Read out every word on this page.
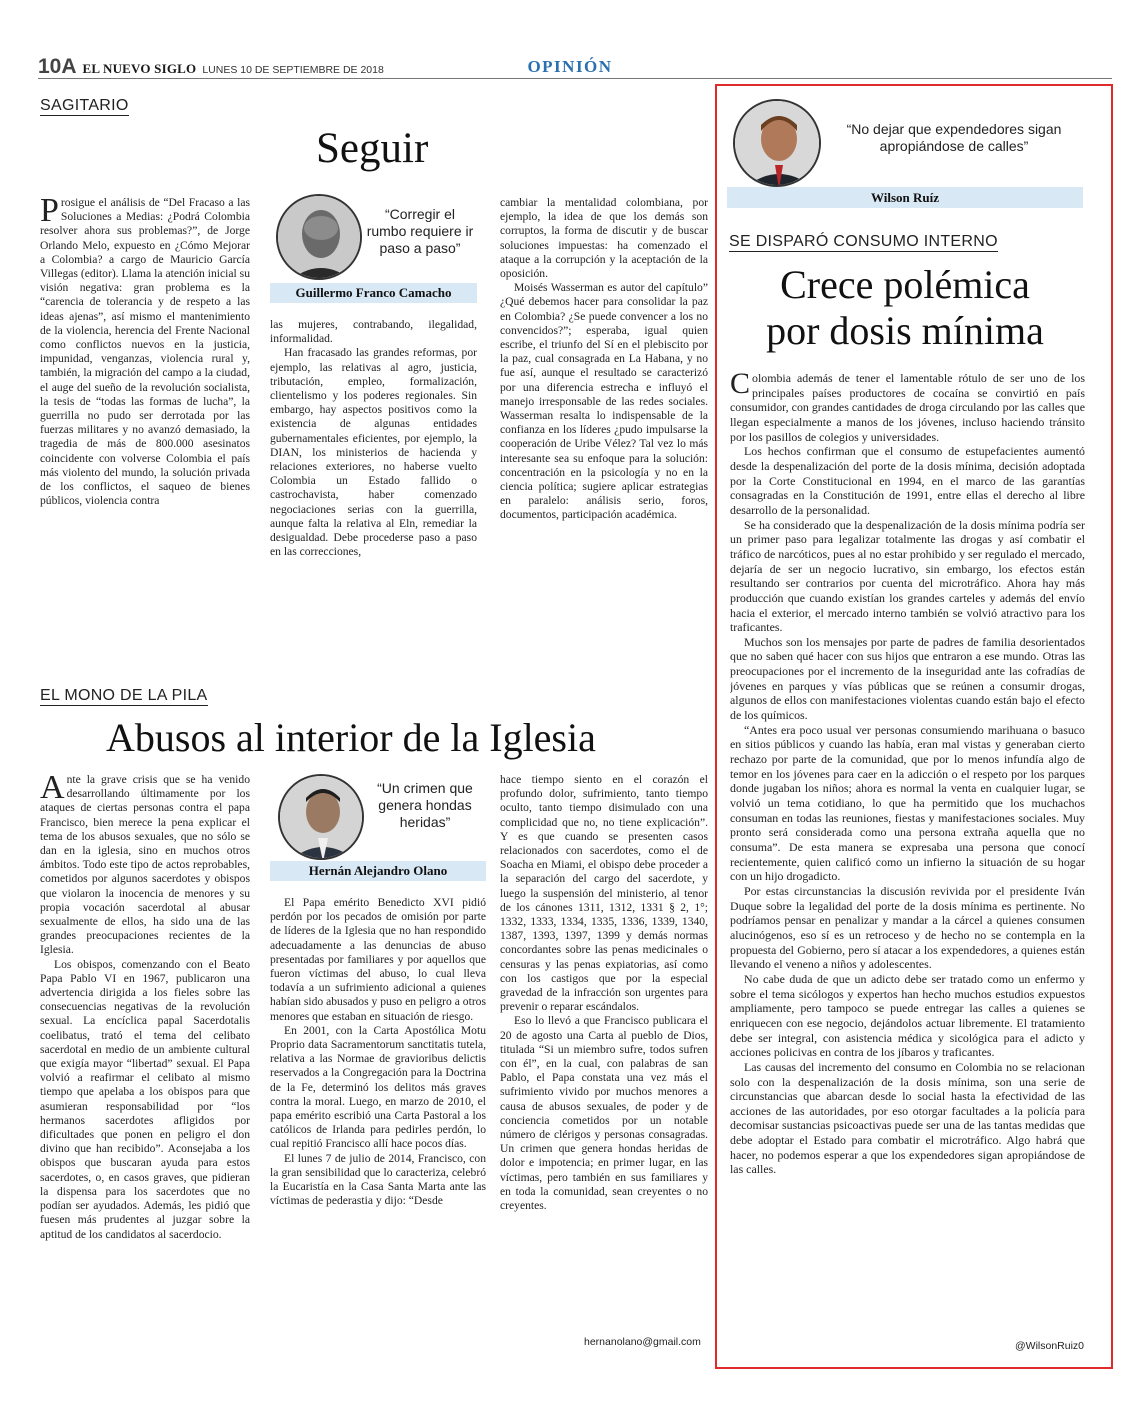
10A EL NUEVO SIGLO LUNES 10 DE SEPTIEMBRE DE 2018	OPINIÓN
SAGITARIO
Seguir

Prosigue el análisis de “Del Fracaso a las Soluciones a Medias: ¿Podrá Colombia resolver ahora sus problemas?”, de Jorge Orlando Melo, expuesto en ¿Cómo Mejorar a Colombia? a cargo de Mauricio García Villegas (editor). Llama la atención inicial su visión negativa: gran problema es la “carencia de tolerancia y de respeto a las ideas ajenas”, así mismo el mantenimiento de la violencia, herencia del Frente Nacional como conflictos nuevos en la justicia, impunidad, venganzas, violencia rural y, también, la migración del campo a la ciudad, el auge del sueño de la revolución socialista, la tesis de “todas las formas de lucha”, la guerrilla no pudo ser derrotada por las fuerzas militares y no avanzó demasiado, la tragedia de más de 800.000 asesinatos coincidente con volverse Colombia el país más violento del mundo, la solución privada de los conflictos, el saqueo de bienes públicos, violencia contra

“Corregir el rumbo requiere ir paso a paso”
Guillermo Franco Camacho

las mujeres, contrabando, ilegalidad, informalidad.

Han fracasado las grandes reformas, por ejemplo, las relativas al agro, justicia, tributación, empleo, formalización, clientelismo y los poderes regionales. Sin embargo, hay aspectos positivos como la existencia de algunas entidades gubernamentales eficientes, por ejemplo, la DIAN, los ministerios de hacienda y relaciones exteriores, no haberse vuelto Colombia un Estado fallido o castrochavista, haber comenzado negociaciones serias con la guerrilla, aunque falta la relativa al Eln, remediar la desigualdad. Debe procederse paso a paso en las correcciones,

cambiar la mentalidad colombiana, por ejemplo, la idea de que los demás son corruptos, la forma de discutir y de buscar soluciones impuestas: ha comenzado el ataque a la corrupción y la aceptación de la oposición.

Moisés Wasserman es autor del capítulo” ¿Qué debemos hacer para consolidar la paz en Colombia? ¿Se puede convencer a los no convencidos?”; esperaba, igual quien escribe, el triunfo del Sí en el plebiscito por la paz, cual consagrada en La Habana, y no fue así, aunque el resultado se caracterizó por una diferencia estrecha e influyó el manejo irresponsable de las redes sociales. Wasserman resalta lo indispensable de la confianza en los líderes ¿pudo impulsarse la cooperación de Uribe Vélez? Tal vez lo más interesante sea su enfoque para la solución: concentración en la psicología y no en la ciencia política; sugiere aplicar estrategias en paralelo: análisis serio, foros, documentos, participación académica.

EL MONO DE LA PILA
Abusos al interior de la Iglesia

Ante la grave crisis que se ha venido desarrollando últimamente por los ataques de ciertas personas contra el papa Francisco, bien merece la pena explicar el tema de los abusos sexuales, que no sólo se dan en la iglesia, sino en muchos otros ámbitos. Todo este tipo de actos reprobables, cometidos por algunos sacerdotes y obispos que violaron la inocencia de menores y su propia vocación sacerdotal al abusar sexualmente de ellos, ha sido una de las grandes preocupaciones recientes de la Iglesia.

Los obispos, comenzando con el Beato Papa Pablo VI en 1967, publicaron una advertencia dirigida a los fieles sobre las consecuencias negativas de la revolución sexual. La encíclica papal Sacerdotalis coelibatus, trató el tema del celibato sacerdotal en medio de un ambiente cultural que exigía mayor “libertad” sexual. El Papa volvió a reafirmar el celibato al mismo tiempo que apelaba a los obispos para que asumieran responsabilidad por “los hermanos sacerdotes afligidos por dificultades que ponen en peligro el don divino que han recibido”. Aconsejaba a los obispos que buscaran ayuda para estos sacerdotes, o, en casos graves, que pidieran la dispensa para los sacerdotes que no podían ser ayudados. Además, les pidió que fuesen más prudentes al juzgar sobre la aptitud de los candidatos al sacerdocio.

“Un crimen que genera hondas heridas”
Hernán Alejandro Olano

El Papa emérito Benedicto XVI pidió perdón por los pecados de omisión por parte de líderes de la Iglesia que no han respondido adecuadamente a las denuncias de abuso presentadas por familiares y por aquellos que fueron víctimas del abuso, lo cual lleva todavía a un sufrimiento adicional a quienes habían sido abusados y puso en peligro a otros menores que estaban en situación de riesgo.

En 2001, con la Carta Apostólica Motu Proprio data Sacramentorum sanctitatis tutela, relativa a las Normae de gravioribus delictis reservados a la Congregación para la Doctrina de la Fe, determinó los delitos más graves contra la moral. Luego, en marzo de 2010, el papa emérito escribió una Carta Pastoral a los católicos de Irlanda para pedirles perdón, lo cual repitió Francisco allí hace pocos días.

El lunes 7 de julio de 2014, Francisco, con la gran sensibilidad que lo caracteriza, celebró la Eucaristía en la Casa Santa Marta ante las víctimas de pederastia y dijo: “Desde

hace tiempo siento en el corazón el profundo dolor, sufrimiento, tanto tiempo oculto, tanto tiempo disimulado con una complicidad que no, no tiene explicación”. Y es que cuando se presenten casos relacionados con sacerdotes, como el de Soacha en Miami, el obispo debe proceder a la separación del cargo del sacerdote, y luego la suspensión del ministerio, al tenor de los cánones 1311, 1312, 1331 § 2, 1°; 1332, 1333, 1334, 1335, 1336, 1339, 1340, 1387, 1393, 1397, 1399 y demás normas concordantes sobre las penas medicinales o censuras y las penas expiatorias, así como con los castigos que por la especial gravedad de la infracción son urgentes para prevenir o reparar escándalos.

Eso lo llevó a que Francisco publicara el 20 de agosto una Carta al pueblo de Dios, titulada “Si un miembro sufre, todos sufren con él”, en la cual, con palabras de san Pablo, el Papa constata una vez más el sufrimiento vivido por muchos menores a causa de abusos sexuales, de poder y de conciencia cometidos por un notable número de clérigos y personas consagradas. Un crimen que genera hondas heridas de dolor e impotencia; en primer lugar, en las víctimas, pero también en sus familiares y en toda la comunidad, sean creyentes o no creyentes.

hernanolano@gmail.com
“No dejar que expendedores sigan apropiándose de calles”
Wilson Ruíz
SE DISPARÓ CONSUMO INTERNO
Crece polémica
por dosis mínima

Colombia además de tener el lamentable rótulo de ser uno de los principales países productores de cocaína se convirtió en país consumidor, con grandes cantidades de droga circulando por las calles que llegan especialmente a manos de los jóvenes, incluso haciendo tránsito por los pasillos de colegios y universidades.

Los hechos confirman que el consumo de estupefacientes aumentó desde la despenalización del porte de la dosis mínima, decisión adoptada por la Corte Constitucional en 1994, en el marco de las garantías consagradas en la Constitución de 1991, entre ellas el derecho al libre desarrollo de la personalidad.

Se ha considerado que la despenalización de la dosis mínima podría ser un primer paso para legalizar totalmente las drogas y así combatir el tráfico de narcóticos, pues al no estar prohibido y ser regulado el mercado, dejaría de ser un negocio lucrativo, sin embargo, los efectos están resultando ser contrarios por cuenta del microtráfico. Ahora hay más producción que cuando existían los grandes carteles y además del envío hacia el exterior, el mercado interno también se volvió atractivo para los traficantes.

Muchos son los mensajes por parte de padres de familia desorientados que no saben qué hacer con sus hijos que entraron a ese mundo. Otras las preocupaciones por el incremento de la inseguridad ante las cofradías de jóvenes en parques y vías públicas que se reúnen a consumir drogas, algunos de ellos con manifestaciones violentas cuando están bajo el efecto de los químicos.

“Antes era poco usual ver personas consumiendo marihuana o basuco en sitios públicos y cuando las había, eran mal vistas y generaban cierto rechazo por parte de la comunidad, que por lo menos infundía algo de temor en los jóvenes para caer en la adicción o el respeto por los parques donde jugaban los niños; ahora es normal la venta en cualquier lugar, se volvió un tema cotidiano, lo que ha permitido que los muchachos consuman en todas las reuniones, fiestas y manifestaciones sociales. Muy pronto será considerada como una persona extraña aquella que no consuma”. De esta manera se expresaba una persona que conocí recientemente, quien calificó como un infierno la situación de su hogar con un hijo drogadicto.

Por estas circunstancias la discusión revivida por el presidente Iván Duque sobre la legalidad del porte de la dosis mínima es pertinente. No podríamos pensar en penalizar y mandar a la cárcel a quienes consumen alucinógenos, eso sí es un retroceso y de hecho no se contempla en la propuesta del Gobierno, pero sí atacar a los expendedores, a quienes están llevando el veneno a niños y adolescentes.

No cabe duda de que un adicto debe ser tratado como un enfermo y sobre el tema sicólogos y expertos han hecho muchos estudios expuestos ampliamente, pero tampoco se puede entregar las calles a quienes se enriquecen con ese negocio, dejándolos actuar libremente. El tratamiento debe ser integral, con asistencia médica y sicológica para el adicto y acciones policivas en contra de los jíbaros y traficantes.

Las causas del incremento del consumo en Colombia no se relacionan solo con la despenalización de la dosis mínima, son una serie de circunstancias que abarcan desde lo social hasta la efectividad de las acciones de las autoridades, por eso otorgar facultades a la policía para decomisar sustancias psicoactivas puede ser una de las tantas medidas que debe adoptar el Estado para combatir el microtráfico. Algo habrá que hacer, no podemos esperar a que los expendedores sigan apropiándose de las calles.

@WilsonRuiz0
